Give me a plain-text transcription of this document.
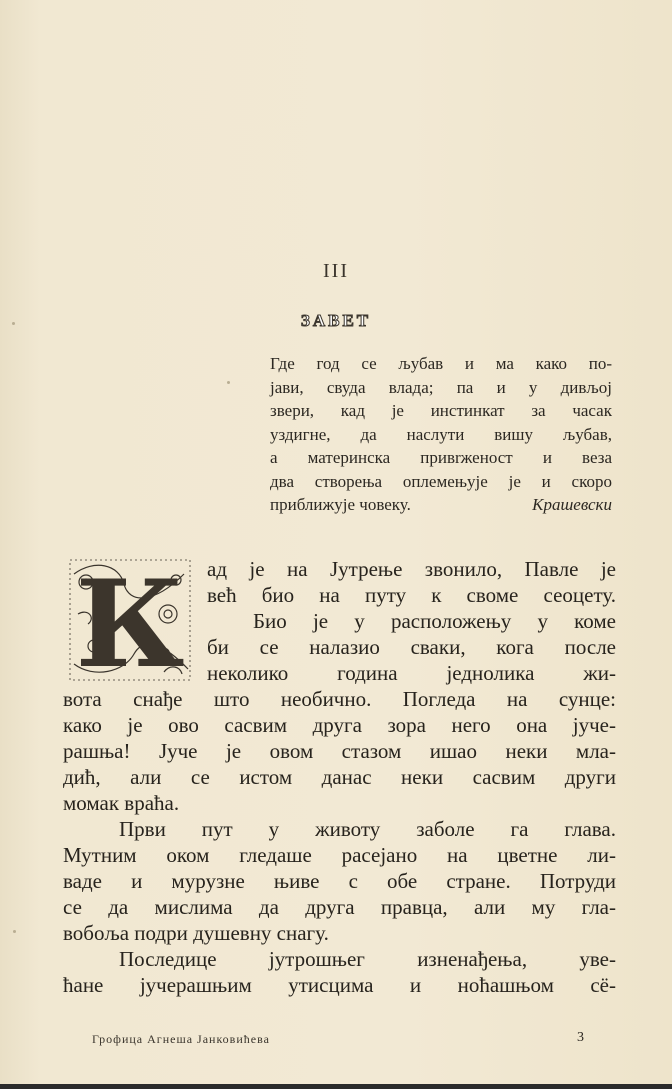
III
ЗАВЕТ
Где год се љубав и ма како по-
јави, свуда влада; па и у дивљој
звери, кад је инстинкат за часак
уздигне, да наслути вишу љубав,
а материнска привrженост и веза
два створења оплемењује је и скоро
приближује човеку.	Крашевски
К	ад је на Јутрење звонило, Павле је
већ био на путу к своме сеоцету.
Био је у расположењу у коме
би се налазио сваки, кога после
неколико година једнолика жи-
вота снађе што необично. Погледа на сунце:
како је ово сасвим друга зора него она јуче-
рашња! Јуче је овом стазом ишао неки мла-
дић, али се истом данас неки сасвим други
момак враћа.
Први пут у животу заболе га глава.
Мутним оком гледаше расејано на цветне ли-
ваде и мурузне њиве с обе стране. Потруди
се да мислима да друга правца, али му гла-
вобоља подри душевну снагу.
Последице јутрошњег изненађења, уве-
ћане јучерашњим утисцима и ноћашњом сё-
Грофица Агнеша Јанковићева	3
